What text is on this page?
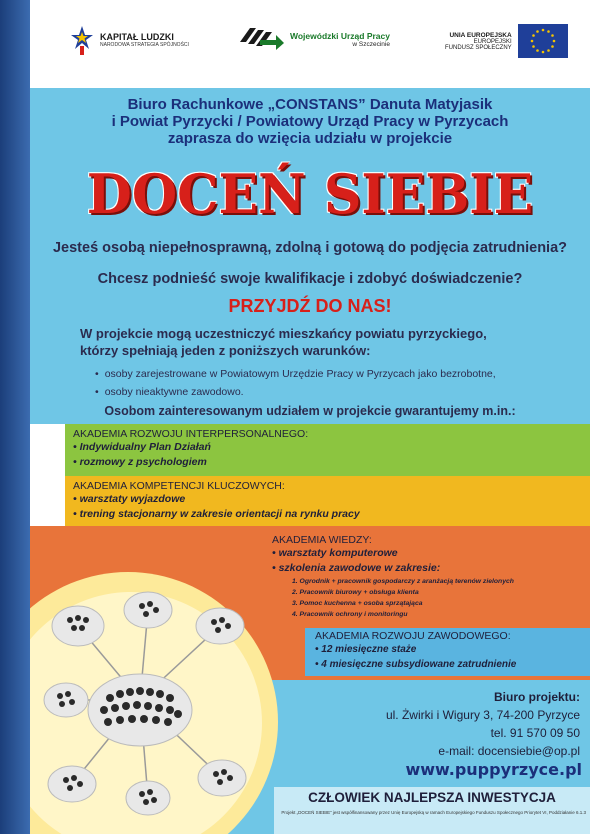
KAPITAŁ LUDZKI
NARODOWA STRATEGIA SPÓJNOŚCI
Wojewódzki Urząd Pracy
w Szczecinie
UNIA EUROPEJSKA
EUROPEJSKI
FUNDUSZ SPOŁECZNY
Biuro Rachunkowe „CONSTANS” Danuta Matyjasik
i Powiat Pyrzycki / Powiatowy Urząd Pracy w Pyrzycach
zaprasza do wzięcia udziału w projekcie
DOCEŃ SIEBIE
Jesteś osobą niepełnosprawną, zdolną i gotową do podjęcia zatrudnienia?
Chcesz podnieść swoje kwalifikacje i zdobyć doświadczenie?
PRZYJDŹ DO NAS!
W projekcie mogą uczestniczyć mieszkańcy powiatu pyrzyckiego,
którzy spełniają jeden z poniższych warunków:
• osoby zarejestrowane w Powiatowym Urzędzie Pracy w Pyrzycach jako bezrobotne,
• osoby nieaktywne zawodowo.
Osobom zainteresowanym udziałem w projekcie gwarantujemy m.in.:
AKADEMIA ROZWOJU INTERPERSONALNEGO:
• Indywidualny Plan Działań
• rozmowy z psychologiem
AKADEMIA KOMPETENCJI KLUCZOWYCH:
• warsztaty wyjazdowe
• trening stacjonarny w zakresie orientacji na rynku pracy
AKADEMIA WIEDZY:
• warsztaty komputerowe
• szkolenia zawodowe w zakresie:
1. Ogrodnik + pracownik gospodarczy z aranżacją terenów zielonych
2. Pracownik biurowy + obsługa klienta
3. Pomoc kuchenna + osoba sprzątająca
4. Pracownik ochrony i monitoringu
AKADEMIA ROZWOJU ZAWODOWEGO:
• 12 miesięczne staże
• 4 miesięczne subsydiowane zatrudnienie
Biuro projektu:
ul. Żwirki i Wigury 3, 74-200 Pyrzyce
tel. 91 570 09 50
e-mail: docensiebie@op.pl
www.puppyrzyce.pl
CZŁOWIEK NAJLEPSZA INWESTYCJA
Projekt „DOCEŃ SIEBIE” jest współfinansowany przez Unię Europejską w ramach Europejskiego Funduszu Społecznego Priorytet VI, Poddziałanie 6.1.3
